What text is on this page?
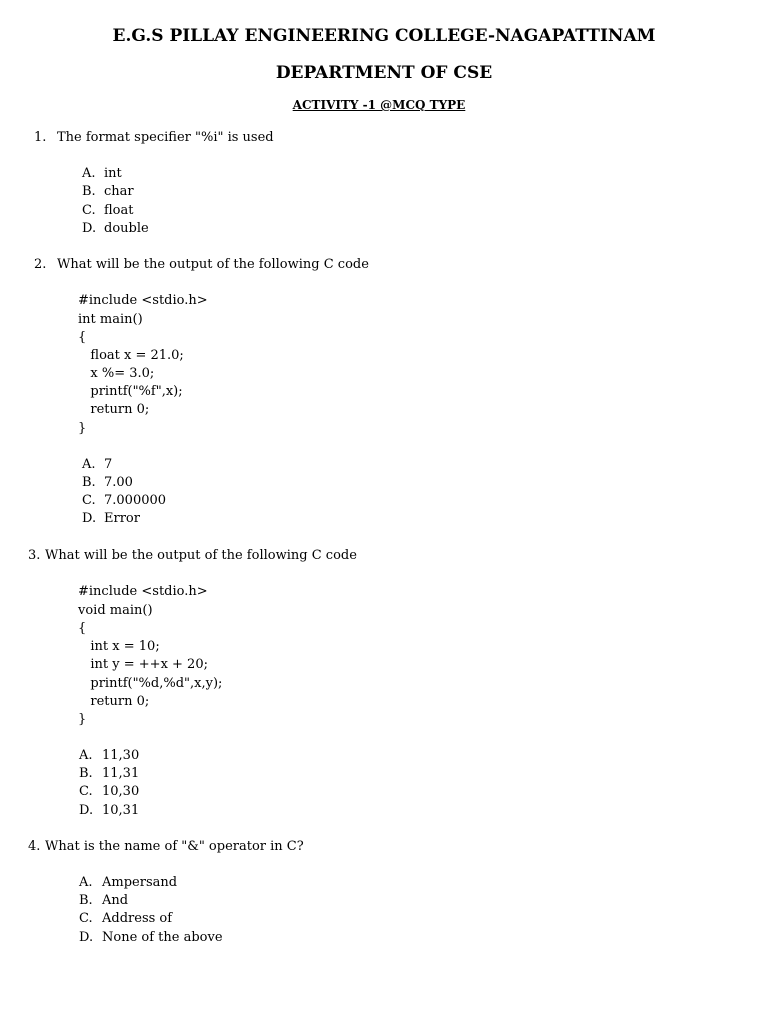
E.G.S PILLAY ENGINEERING COLLEGE-NAGAPATTINAM
DEPARTMENT OF CSE
ACTIVITY -1 @MCQ TYPE
1. The format specifier "%i" is used
A. int
B. char
C. float
D. double
2. What will be the output of the following C code
#include <stdio.h>
int main()
{
float x = 21.0;
x %= 3.0;
printf("%f",x);
return 0;
}
A. 7
B. 7.00
C. 7.000000
D. Error
3. What will be the output of the following C code
#include <stdio.h>
void main()
{
int x = 10;
int y = ++x + 20;
printf("%d,%d",x,y);
return 0;
}
A. 11,30
B. 11,31
C. 10,30
D. 10,31
4. What is the name of "&" operator in C?
A. Ampersand
B. And
C. Address of
D. None of the above
